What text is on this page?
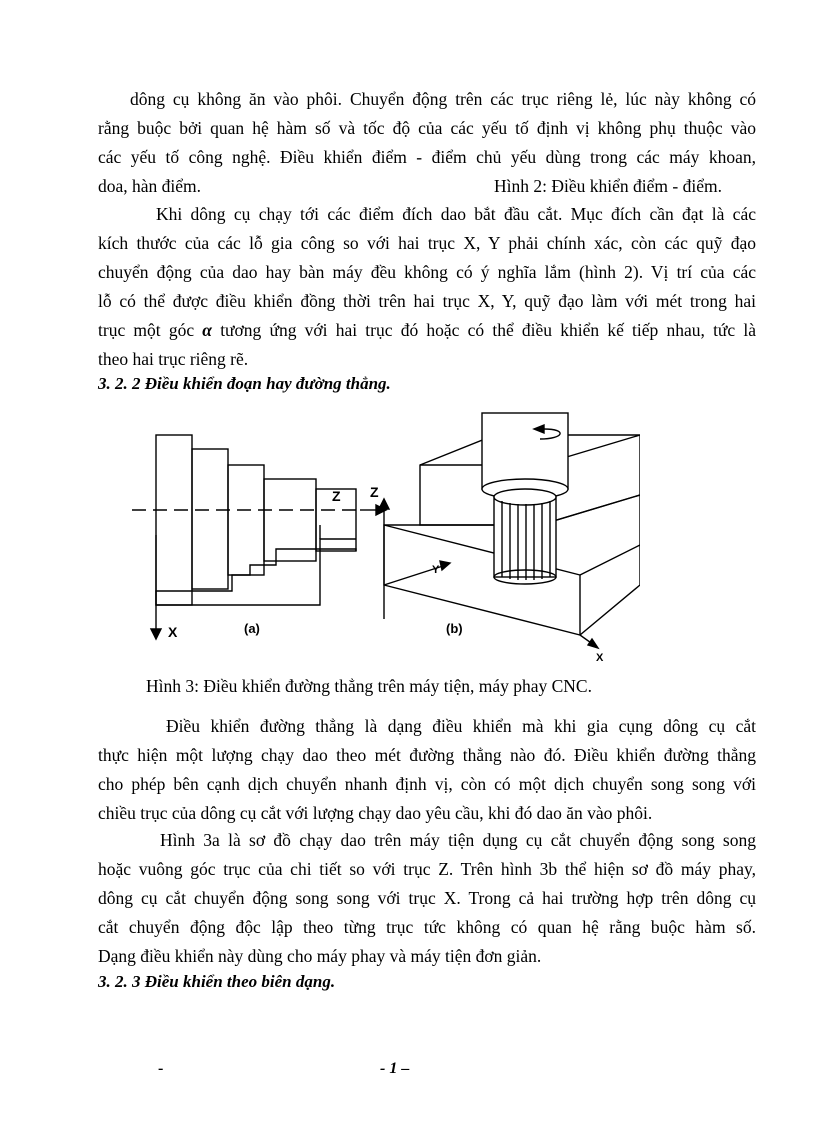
dông cụ không ăn vào phôi. Chuyển động trên các trục riêng lẻ, lúc này không có
rằng buộc bởi quan hệ hàm số và tốc độ của các yếu tố định vị không phụ thuộc vào
các yếu tố công nghệ. Điều khiển điểm - điểm chủ yếu dùng trong các máy khoan,
doa, hàn điểm.	Hình 2: Điều khiển điểm - điểm.
Khi dông cụ chạy tới các điểm đích dao bắt đầu cắt. Mục đích cần đạt là các
kích thước của các lỗ gia công so với hai trục X, Y phải chính xác, còn các quỹ đạo
chuyển động của dao hay bàn máy đều không có ý nghĩa lắm (hình 2). Vị trí của các
lỗ có thể được điều khiển đồng thời trên hai trục X, Y, quỹ đạo làm với mét trong hai
trục một góc α tương ứng với hai trục đó hoặc có thể điều khiển kế tiếp nhau, tức là
theo hai trục riêng rẽ.
3. 2. 2 Điều khiển đoạn hay đường thẳng.
Z
X	(a)
Z
X
Y
(b)
Hình 3: Điều khiển đường thẳng trên máy tiện, máy phay CNC.
Điều khiển đường thẳng là dạng điều khiển mà khi gia cụng dông cụ cắt
thực hiện một lượng chạy dao theo mét đường thẳng nào đó. Điều khiển đường thẳng
cho phép bên cạnh dịch chuyển nhanh định vị, còn có một dịch chuyển song song với
chiều trục của dông cụ cắt với lượng chạy dao yêu cầu, khi đó dao ăn vào phôi.
Hình 3a là sơ đồ chạy dao trên máy tiện dụng cụ cắt chuyển động song song
hoặc vuông góc trục của chi tiết so với trục Z. Trên hình 3b thể hiện sơ đồ máy phay,
dông cụ cắt chuyển động song song với trục X. Trong cả hai trường hợp trên dông cụ
cắt chuyển động độc lập theo từng trục tức không có quan hệ rằng buộc hàm số.
Dạng điều khiển này dùng cho máy phay và máy tiện đơn giản.
3. 2. 3 Điều khiển theo biên dạng.
-	- 1 –
